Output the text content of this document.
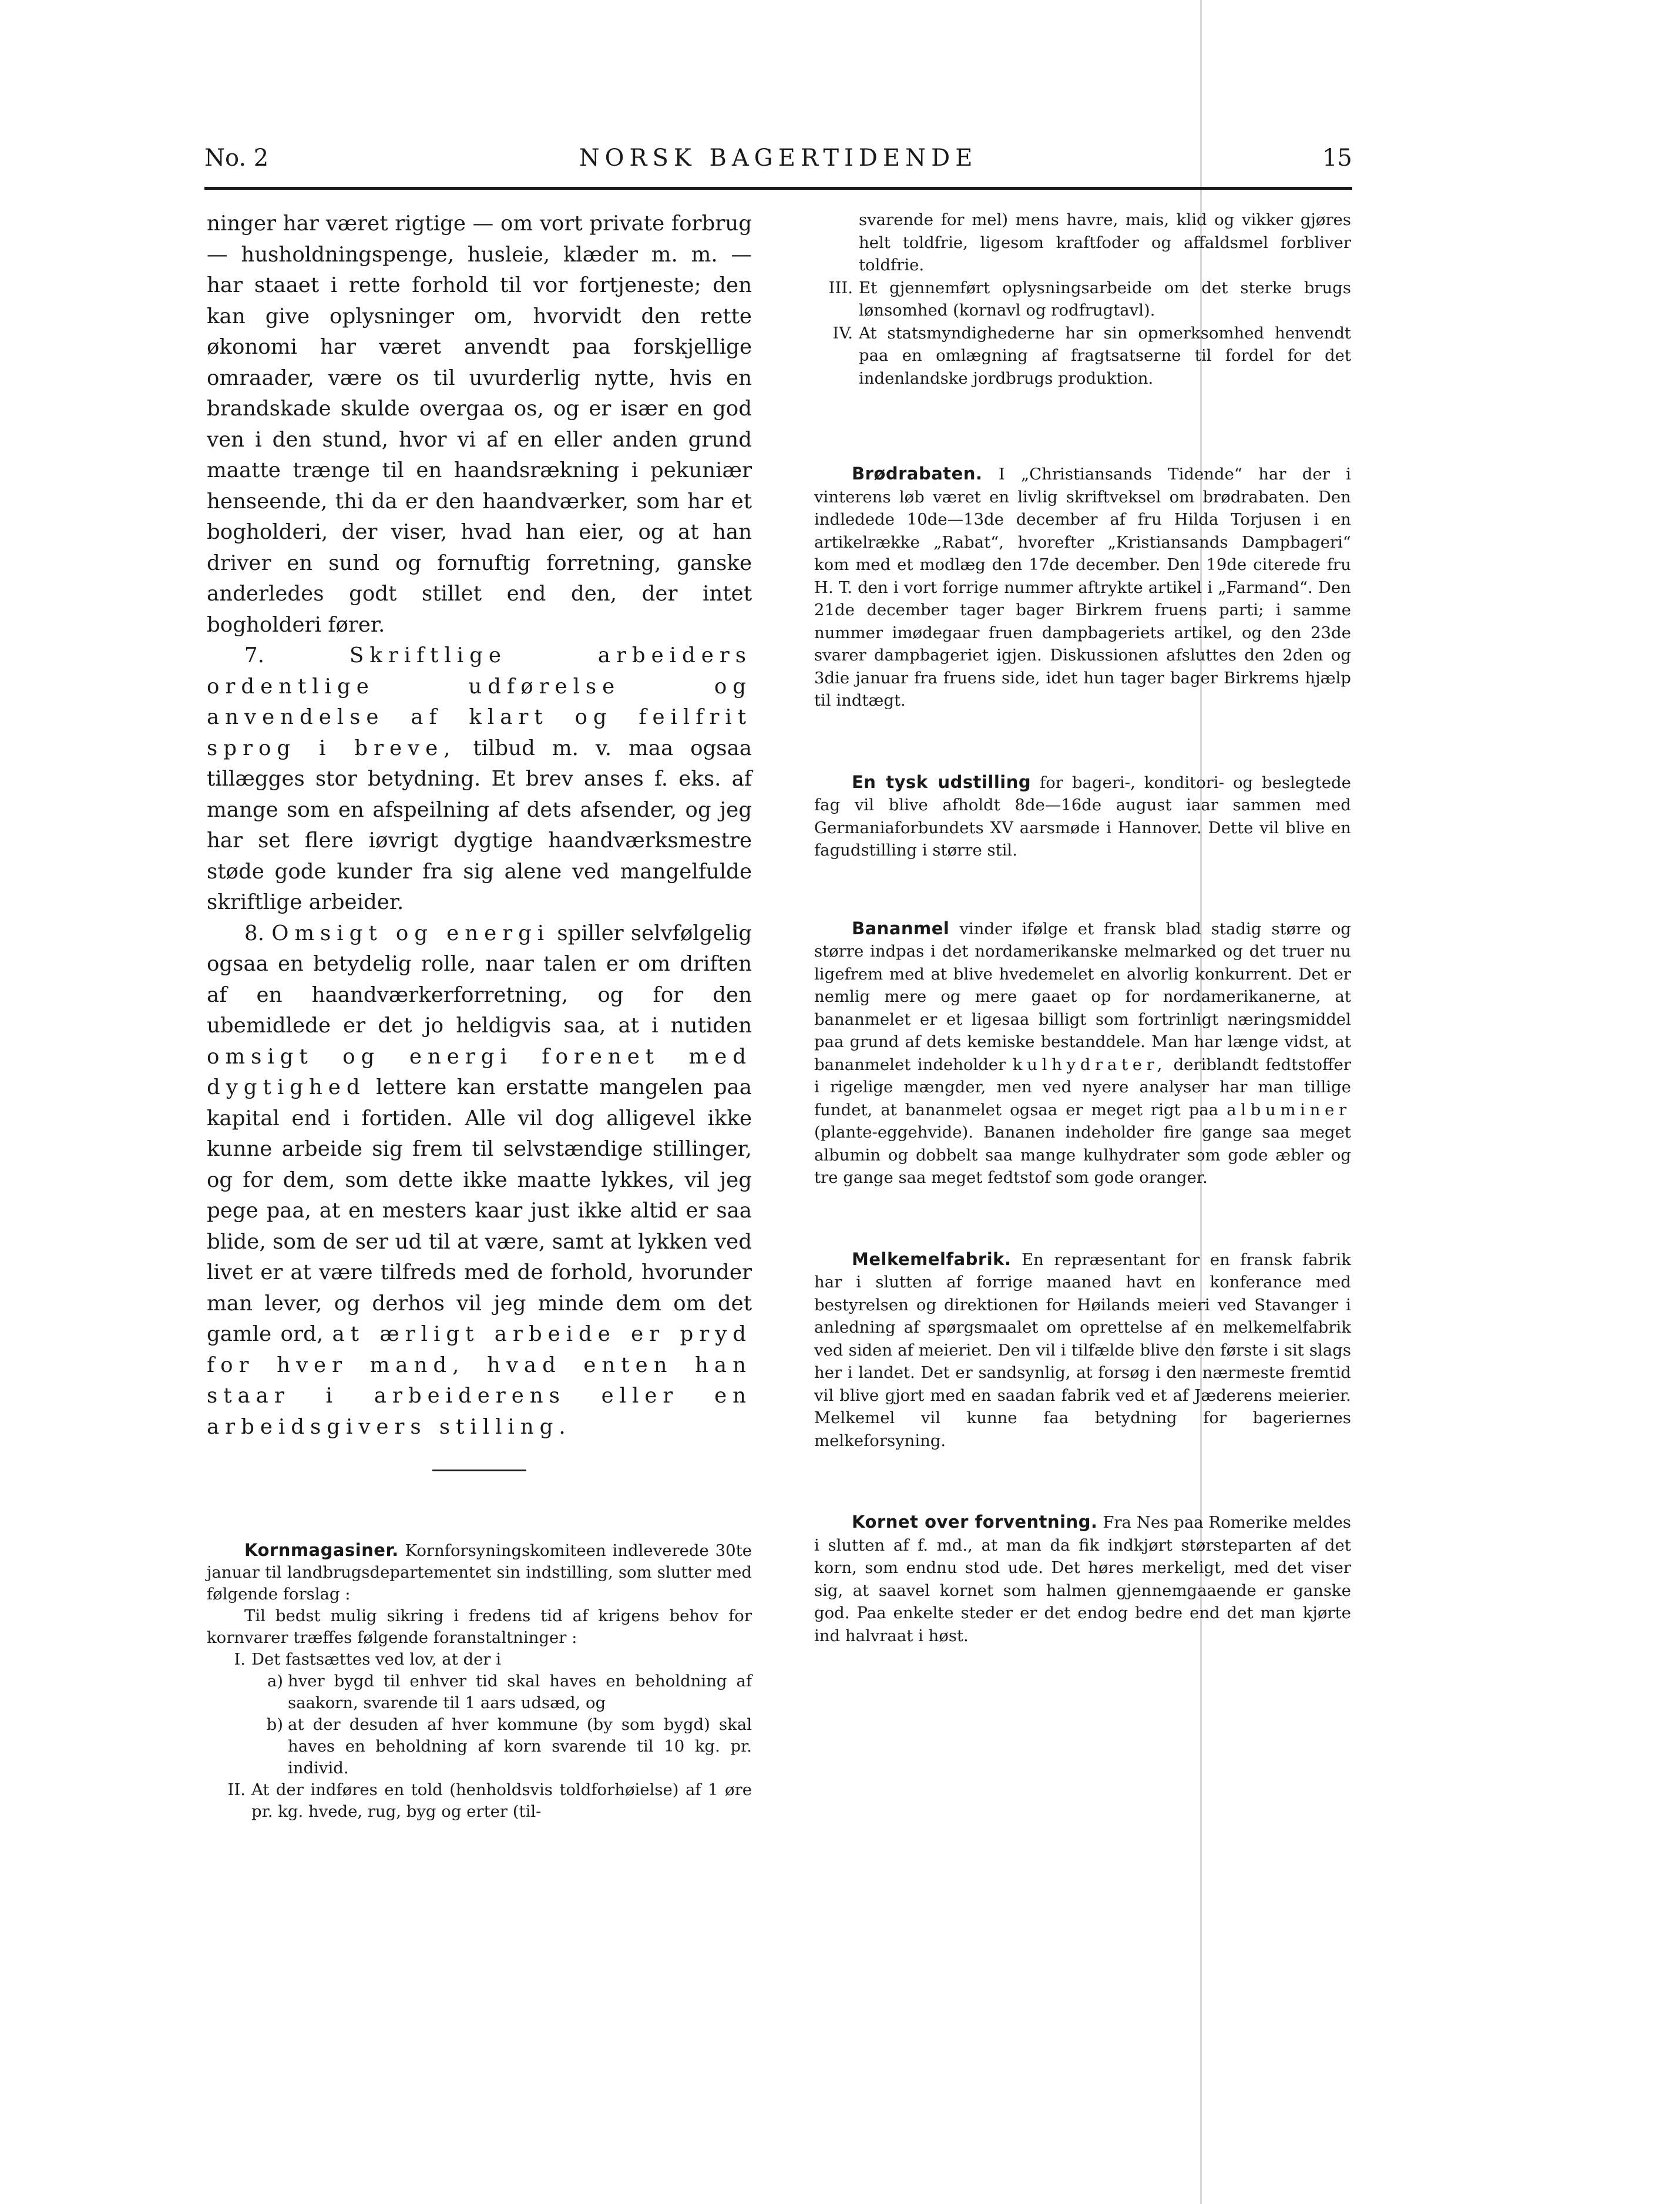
No. 2	NORSK BAGERTIDENDE	15

ninger har været rigtige — om vort private forbrug — husholdningspenge, husleie, klæder m. m. — har staaet i rette forhold til vor fortjeneste; den kan give oplysninger om, hvorvidt den rette økonomi har været anvendt paa forskjellige omraader, være os til uvurderlig nytte, hvis en brandskade skulde overgaa os, og er især en god ven i den stund, hvor vi af en eller anden grund maatte trænge til en haandsrækning i pekuniær henseende, thi da er den haandværker, som har et bogholderi, der viser, hvad han eier, og at han driver en sund og fornuftig forretning, ganske anderledes godt stillet end den, der intet bogholderi fører.

7.	Skriftlige arbeiders ordentlige udførelse og anvendelse af klart og feilfrit sprog i breve, tilbud m. v. maa ogsaa tillægges stor betydning. Et brev anses f. eks. af mange som en afspeilning af dets afsender, og jeg har set flere iøvrigt dygtige haandværksmestre støde gode kunder fra sig alene ved mangelfulde skriftlige arbeider.

8. Omsigt og energi spiller selvfølgelig ogsaa en betydelig rolle, naar talen er om driften af en haandværkerforretning, og for den ubemidlede er det jo heldigvis saa, at i nutiden omsigt og energi forenet med dygtighed lettere kan erstatte mangelen paa kapital end i fortiden. Alle vil dog alligevel ikke kunne arbeide sig frem til selvstændige stillinger, og for dem, som dette ikke maatte lykkes, vil jeg pege paa, at en mesters kaar just ikke altid er saa blide, som de ser ud til at være, samt at lykken ved livet er at være tilfreds med de forhold, hvorunder man lever, og derhos vil jeg minde dem om det gamle ord, at ærligt arbeide er pryd for hver mand, hvad enten han staar i arbeiderens eller en arbeidsgivers stilling.

Kornmagasiner. Kornforsyningskomiteen indleverede 30te januar til landbrugsdepartementet sin indstilling, som slutter med følgende forslag :

Til bedst mulig sikring i fredens tid af krigens behov for kornvarer træffes følgende foranstaltninger :

I. Det fastsættes ved lov, at der i
a) hver bygd til enhver tid skal haves en beholdning af saakorn, svarende til 1 aars udsæd, og
b) at der desuden af hver kommune (by som bygd) skal haves en beholdning af korn svarende til 10 kg. pr. individ.
II. At der indføres en told (henholdsvis toldforhøielse) af 1 øre pr. kg. hvede, rug, byg og erter (til-
svarende for mel) mens havre, mais, klid og vikker gjøres helt toldfrie, ligesom kraftfoder og affaldsmel forbliver toldfrie.
III. Et gjennemført oplysningsarbeide om det sterke brugs lønsomhed (kornavl og rodfrugtavl).
IV. At statsmyndighederne har sin opmerksomhed henvendt paa en omlægning af fragtsatserne til fordel for det indenlandske jordbrugs produktion.

Brødrabaten. I „Christiansands Tidende“ har der i vinterens løb været en livlig skriftveksel om brødrabaten. Den indledede 10de—13de december af fru Hilda Torjusen i en artikelrække „Rabat“, hvorefter „Kristiansands Dampbageri“ kom med et modlæg den 17de december. Den 19de citerede fru H. T. den i vort forrige nummer aftrykte artikel i „Farmand“. Den 21de december tager bager Birkrem fruens parti; i samme nummer imødegaar fruen dampbageriets artikel, og den 23de svarer dampbageriet igjen. Diskussionen afsluttes den 2den og 3die januar fra fruens side, idet hun tager bager Birkrems hjælp til indtægt.

En tysk udstilling for bageri-, konditori- og beslegtede fag vil blive afholdt 8de—16de august iaar sammen med Germaniaforbundets XV aarsmøde i Hannover. Dette vil blive en fagudstilling i større stil.

Bananmel vinder ifølge et fransk blad stadig større og større indpas i det nordamerikanske melmarked og det truer nu ligefrem med at blive hvedemelet en alvorlig konkurrent. Det er nemlig mere og mere gaaet op for nordamerikanerne, at bananmelet er et ligesaa billigt som fortrinligt næringsmiddel paa grund af dets kemiske bestanddele. Man har længe vidst, at bananmelet indeholder kulhydrater, deriblandt fedtstoffer i rigelige mængder, men ved nyere analyser har man tillige fundet, at bananmelet ogsaa er meget rigt paa albuminer (plante-eggehvide). Bananen indeholder fire gange saa meget albumin og dobbelt saa mange kulhydrater som gode æbler og tre gange saa meget fedtstof som gode oranger.

Melkemelfabrik. En repræsentant for en fransk fabrik har i slutten af forrige maaned havt en konferance med bestyrelsen og direktionen for Høilands meieri ved Stavanger i anledning af spørgsmaalet om oprettelse af en melkemelfabrik ved siden af meieriet. Den vil i tilfælde blive den første i sit slags her i landet. Det er sandsynlig, at forsøg i den nærmeste fremtid vil blive gjort med en saadan fabrik ved et af Jæderens meierier. Melkemel vil kunne faa betydning for bageriernes melkeforsyning.

Kornet over forventning. Fra Nes paa Romerike meldes i slutten af f. md., at man da fik indkjørt størsteparten af det korn, som endnu stod ude. Det høres merkeligt, med det viser sig, at saavel kornet som halmen gjennemgaaende er ganske god. Paa enkelte steder er det endog bedre end det man kjørte ind halvraat i høst.
